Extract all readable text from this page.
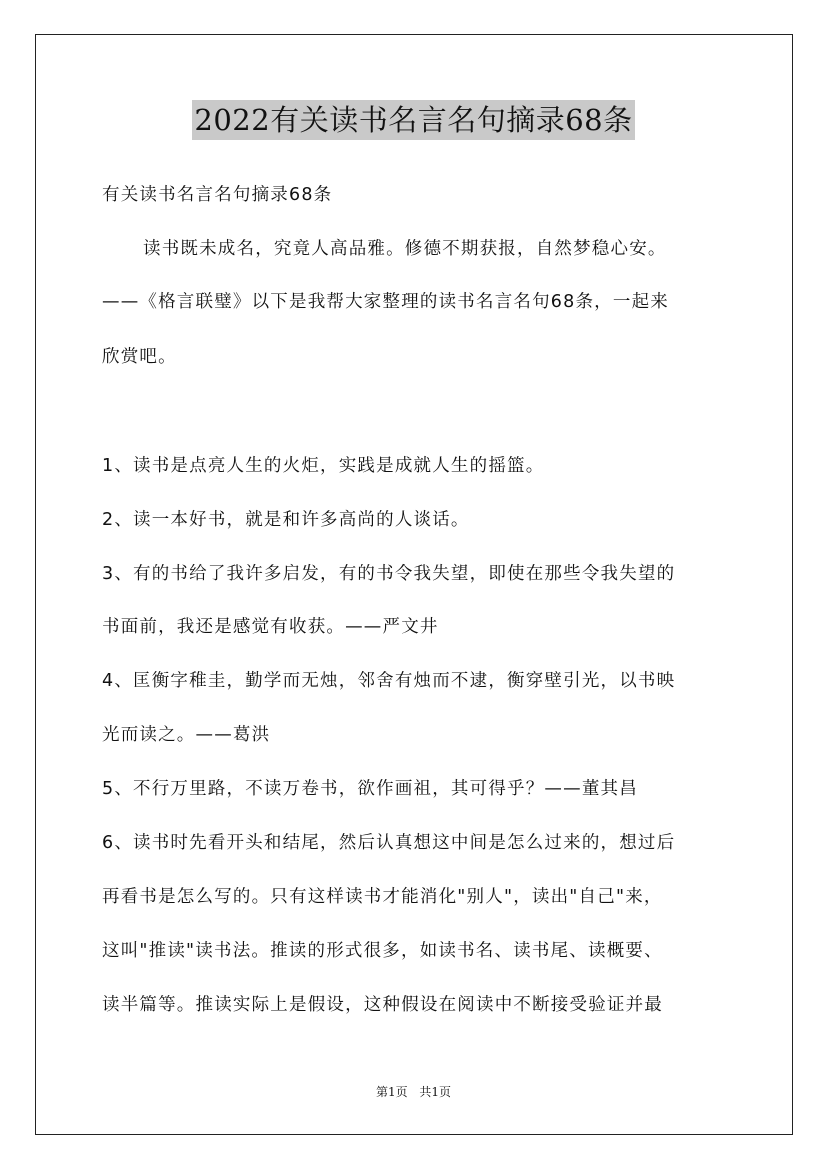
2022有关读书名言名句摘录68条
有关读书名言名句摘录68条
读书既未成名，究竟人高品雅。修德不期获报，自然梦稳心安。
——《格言联璧》以下是我帮大家整理的读书名言名句68条，一起来
欣赏吧。
1、读书是点亮人生的火炬，实践是成就人生的摇篮。
2、读一本好书，就是和许多高尚的人谈话。
3、有的书给了我许多启发，有的书令我失望，即使在那些令我失望的
书面前，我还是感觉有收获。——严文井
4、匡衡字稚圭，勤学而无烛，邻舍有烛而不逮，衡穿壁引光，以书映
光而读之。——葛洪
5、不行万里路，不读万卷书，欲作画祖，其可得乎？——董其昌
6、读书时先看开头和结尾，然后认真想这中间是怎么过来的，想过后
再看书是怎么写的。只有这样读书才能消化"别人"，读出"自己"来，
这叫"推读"读书法。推读的形式很多，如读书名、读书尾、读概要、
读半篇等。推读实际上是假设，这种假设在阅读中不断接受验证并最
第1页 共1页
